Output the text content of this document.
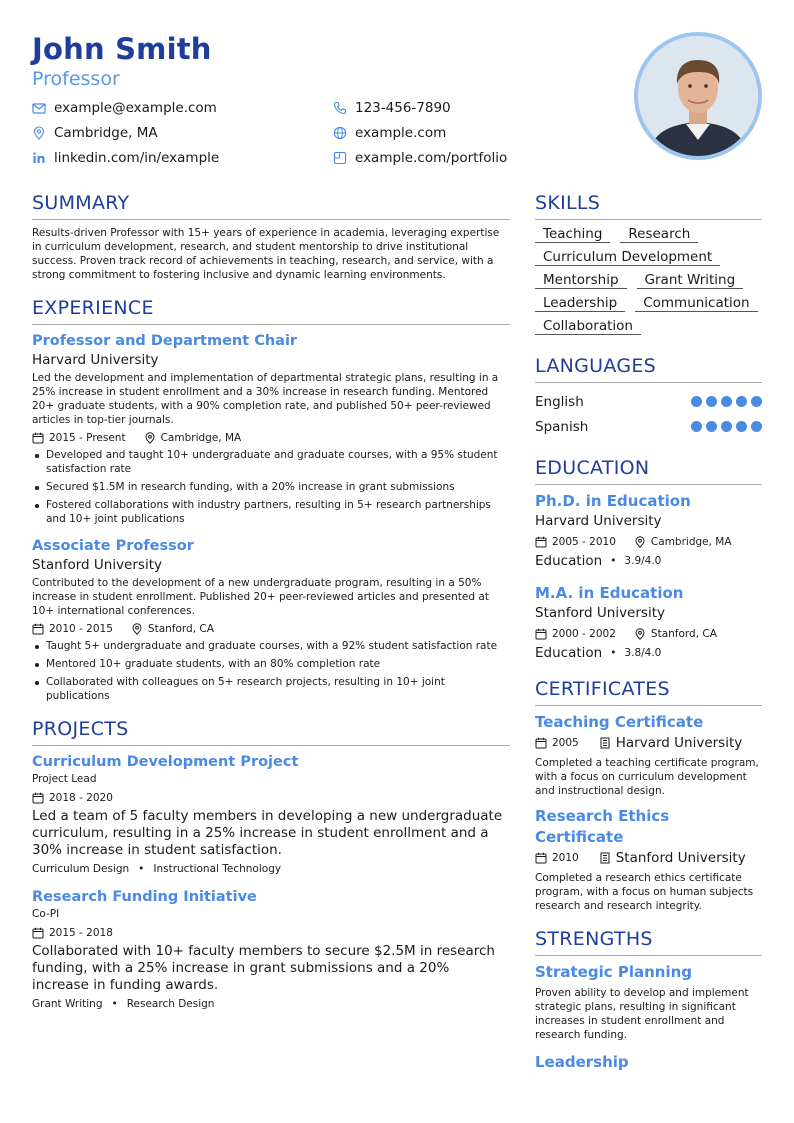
John Smith
Professor
example@example.com	123-456-7890
Cambridge, MA	example.com
linkedin.com/in/example	example.com/portfolio
SUMMARY
Results-driven Professor with 15+ years of experience in academia, leveraging expertise in curriculum development, research, and student mentorship to drive institutional success. Proven track record of achievements in teaching, research, and service, with a strong commitment to fostering inclusive and dynamic learning environments.
EXPERIENCE
Professor and Department Chair
Harvard University
Led the development and implementation of departmental strategic plans, resulting in a 25% increase in student enrollment and a 30% increase in research funding. Mentored 20+ graduate students, with a 90% completion rate, and published 50+ peer-reviewed articles in top-tier journals.
2015 - Present	Cambridge, MA
Developed and taught 10+ undergraduate and graduate courses, with a 95% student satisfaction rate
Secured $1.5M in research funding, with a 20% increase in grant submissions
Fostered collaborations with industry partners, resulting in 5+ research partnerships and 10+ joint publications
Associate Professor
Stanford University
Contributed to the development of a new undergraduate program, resulting in a 50% increase in student enrollment. Published 20+ peer-reviewed articles and presented at 10+ international conferences.
2010 - 2015	Stanford, CA
Taught 5+ undergraduate and graduate courses, with a 92% student satisfaction rate
Mentored 10+ graduate students, with an 80% completion rate
Collaborated with colleagues on 5+ research projects, resulting in 10+ joint publications
PROJECTS
Curriculum Development Project
Project Lead
2018 - 2020
Led a team of 5 faculty members in developing a new undergraduate curriculum, resulting in a 25% increase in student enrollment and a 30% increase in student satisfaction.
Curriculum Design • Instructional Technology
Research Funding Initiative
Co-PI
2015 - 2018
Collaborated with 10+ faculty members to secure $2.5M in research funding, with a 25% increase in grant submissions and a 20% increase in funding awards.
Grant Writing • Research Design
SKILLS
Teaching	Research
Curriculum Development
Mentorship	Grant Writing
Leadership	Communication
Collaboration
LANGUAGES
English
Spanish
EDUCATION
Ph.D. in Education
Harvard University
2005 - 2010	Cambridge, MA
Education • 3.9/4.0
M.A. in Education
Stanford University
2000 - 2002	Stanford, CA
Education • 3.8/4.0
CERTIFICATES
Teaching Certificate
2005	Harvard University
Completed a teaching certificate program, with a focus on curriculum development and instructional design.
Research Ethics Certificate
2010	Stanford University
Completed a research ethics certificate program, with a focus on human subjects research and research integrity.
STRENGTHS
Strategic Planning
Proven ability to develop and implement strategic plans, resulting in significant increases in student enrollment and research funding.
Leadership
